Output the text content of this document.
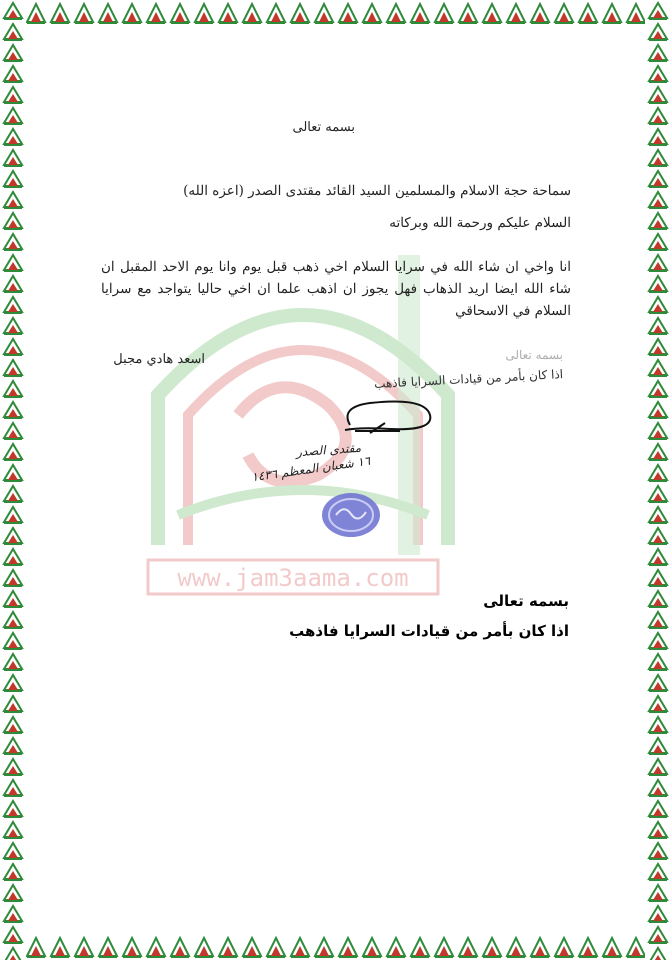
www.jam3aama.com
بسمه تعالى
سماحة حجة الاسلام والمسلمين السيد القائد مقتدى الصدر (اعزه الله)
السلام عليكم ورحمة الله وبركاته
انا واخي ان شاء الله في سرايا السلام اخي ذهب قبل يوم وانا يوم الاحد المقبل ان شاء الله ايضا اريد الذهاب فهل يجوز ان اذهب علما ان اخي حاليا يتواجد مع سرايا السلام في الاسحاقي
اسعد هادي مجبل	بسمه تعالى
اذا كان بأمر من قيادات السرايا فاذهب
مقتدى الصدر
١٦ شعبان المعظم ١٤٣٦
بسمه تعالى
اذا كان بأمر من قيادات السرايا فاذهب
